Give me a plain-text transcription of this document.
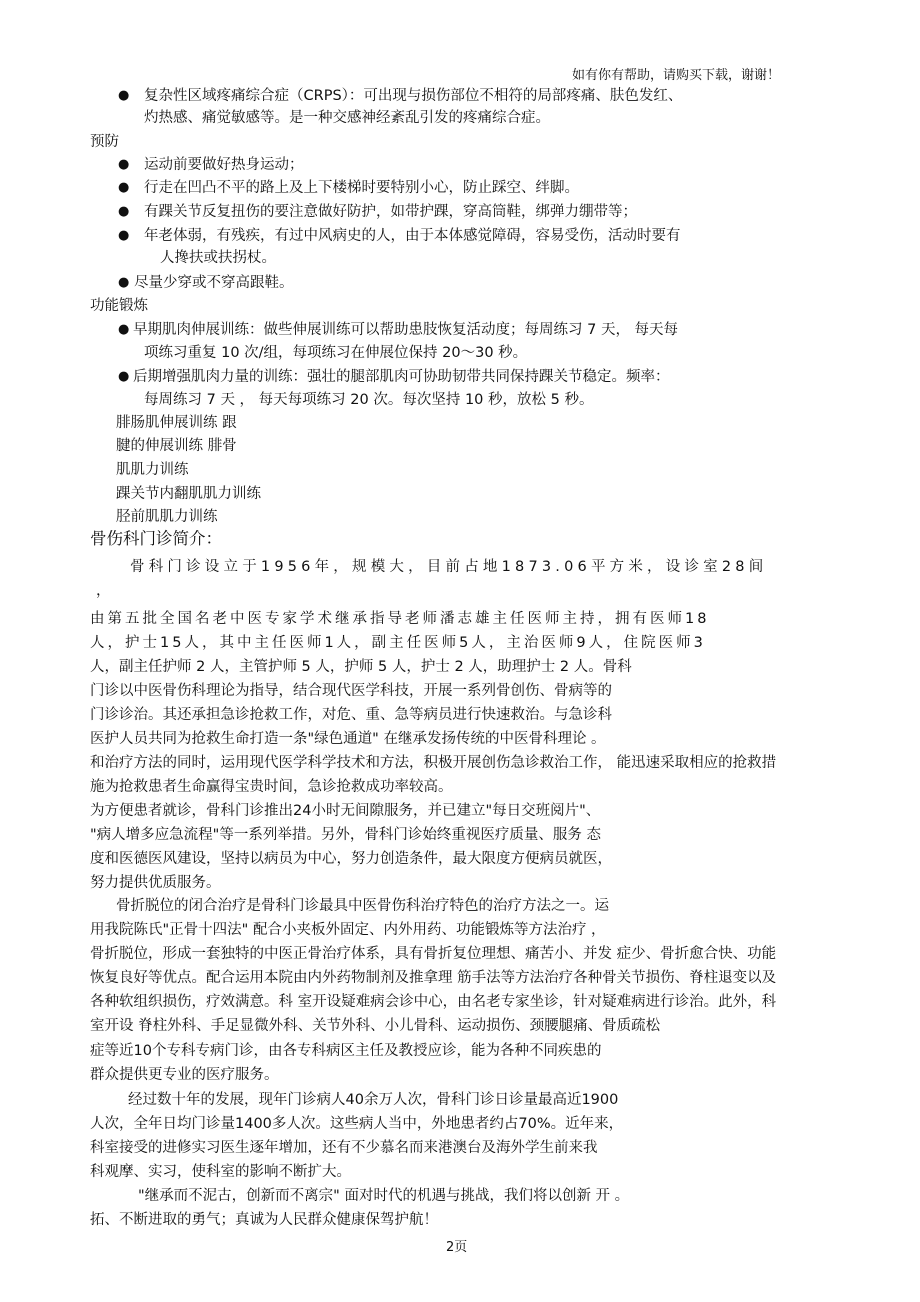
如有你有帮助，请购买下载，谢谢！
● 复杂性区域疼痛综合症（CRPS）：可出现与损伤部位不相符的局部疼痛、肤色发红、
灼热感、痛觉敏感等。是一种交感神经紊乱引发的疼痛综合症。
预防
● 运动前要做好热身运动；
● 行走在凹凸不平的路上及上下楼梯时要特别小心，防止踩空、绊脚。
● 有踝关节反复扭伤的要注意做好防护，如带护踝，穿高筒鞋，绑弹力绷带等；
● 年老体弱，有残疾，有过中风病史的人，由于本体感觉障碍，容易受伤，活动时要有
人搀扶或扶拐杖。
● 尽量少穿或不穿高跟鞋。
功能锻炼
● 早期肌肉伸展训练：做些伸展训练可以帮助患肢恢复活动度；每周练习 7 天， 每天每
项练习重复 10 次/组，每项练习在伸展位保持 20～30 秒。
● 后期增强肌肉力量的训练：强壮的腿部肌肉可协助韧带共同保持踝关节稳定。频率：
每周练习 7 天 ， 每天每项练习 20 次。每次坚持 10 秒，放松 5 秒。
腓肠肌伸展训练 跟
腱的伸展训练 腓骨
肌肌力训练
踝关节内翻肌肌力训练
胫前肌肌力训练
骨伤科门诊简介：
骨科门诊设立于1956年，规模大，目前占地1873.06平方米，设诊室28间
，
由第五批全国名老中医专家学术继承指导老师潘志雄主任医师主持，拥有医师18
人，护士15人，其中主任医师1人，副主任医师5人，主治医师9人，住院医师3
人，副主任护师 2 人，主管护师 5 人，护师 5 人，护士 2 人，助理护士 2 人。骨科
门诊以中医骨伤科理论为指导，结合现代医学科技，开展一系列骨创伤、骨病等的
门诊诊治。其还承担急诊抢救工作，对危、重、急等病员进行快速救治。与急诊科
医护人员共同为抢救生命打造一条"绿色通道" 在继承发扬传统的中医骨科理论 。
和治疗方法的同时，运用现代医学科学技术和方法，积极开展创伤急诊救治工作， 能迅速采取相应的抢救措
施为抢救患者生命赢得宝贵时间，急诊抢救成功率较高。
为方便患者就诊，骨科门诊推出24小时无间隙服务，并已建立"每日交班阅片"、
"病人增多应急流程"等一系列举措。另外，骨科门诊始终重视医疗质量、服务 态
度和医德医风建设，坚持以病员为中心，努力创造条件，最大限度方便病员就医，
努力提供优质服务。
骨折脱位的闭合治疗是骨科门诊最具中医骨伤科治疗特色的治疗方法之一。运
用我院陈氏"正骨十四法" 配合小夹板外固定、内外用药、功能锻炼等方法治疗 ，
骨折脱位，形成一套独特的中医正骨治疗体系，具有骨折复位理想、痛苦小、并发 症少、骨折愈合快、功能
恢复良好等优点。配合运用本院由内外药物制剂及推拿理 筋手法等方法治疗各种骨关节损伤、脊柱退变以及
各种软组织损伤，疗效满意。科 室开设疑难病会诊中心，由名老专家坐诊，针对疑难病进行诊治。此外，科
室开设 脊柱外科、手足显微外科、关节外科、小儿骨科、运动损伤、颈腰腿痛、骨质疏松
症等近10个专科专病门诊，由各专科病区主任及教授应诊，能为各种不同疾患的
群众提供更专业的医疗服务。
经过数十年的发展，现年门诊病人40余万人次，骨科门诊日诊量最高近1900
人次，全年日均门诊量1400多人次。这些病人当中，外地患者约占70%。近年来，
科室接受的进修实习医生逐年增加，还有不少慕名而来港澳台及海外学生前来我
科观摩、实习，使科室的影响不断扩大。
"继承而不泥古，创新而不离宗" 面对时代的机遇与挑战，我们将以创新 开 。
拓、不断进取的勇气；真诚为人民群众健康保驾护航！
2页
